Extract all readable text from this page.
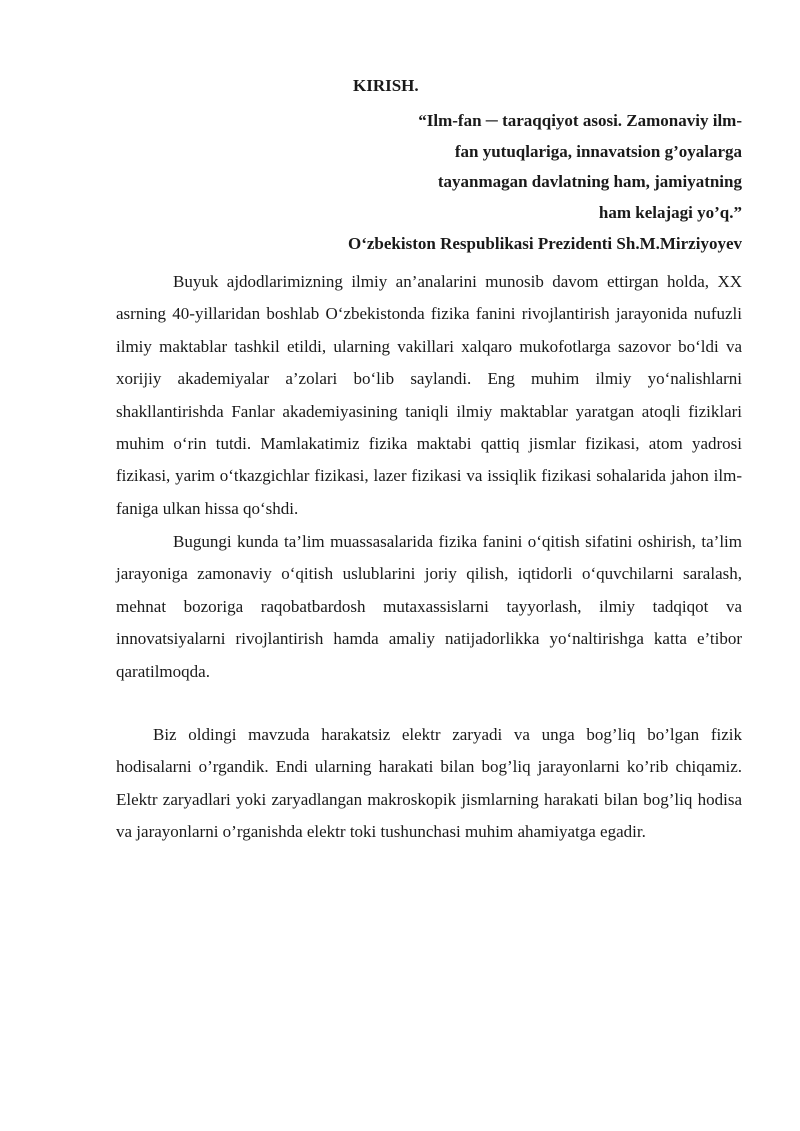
KIRISH.
“Ilm-fan ─ taraqqiyot asosi. Zamonaviy ilm-
fan yutuqlariga, innavatsion g’oyalarga
tayanmagan davlatning ham, jamiyatning
ham kelajagi yo’q.”

O‘zbekiston Respublikasi Prezidenti Sh.M.Mirziyoyev

Buyuk ajdodlarimizning ilmiy an’analarini munosib davom ettirgan holda, XX asrning 40-yillaridan boshlab O‘zbekistonda fizika fanini rivojlantirish jarayonida nufuzli ilmiy maktablar tashkil etildi, ularning vakillari xalqaro mukofotlarga sazovor bo‘ldi va xorijiy akademiyalar a’zolari bo‘lib saylandi. Eng muhim ilmiy yo‘nalishlarni shakllantirishda Fanlar akademiyasining taniqli ilmiy maktablar yaratgan atoqli fiziklari muhim o‘rin tutdi. Mamlakatimiz fizika maktabi qattiq jismlar fizikasi, atom yadrosi fizikasi, yarim o‘tkazgichlar fizikasi, lazer fizikasi va issiqlik fizikasi sohalarida jahon ilm-faniga ulkan hissa qo‘shdi.

Bugungi kunda ta’lim muassasalarida fizika fanini o‘qitish sifatini oshirish, ta’lim jarayoniga zamonaviy o‘qitish uslublarini joriy qilish, iqtidorli o‘quvchilarni saralash, mehnat bozoriga raqobatbardosh mutaxassislarni tayyorlash, ilmiy tadqiqot va innovatsiyalarni rivojlantirish hamda amaliy natijadorlikka yo‘naltirishga katta e’tibor qaratilmoqda.

Biz oldingi mavzuda harakatsiz elektr zaryadi va unga bog’liq bo’lgan fizik hodisalarni o’rgandik. Endi ularning harakati bilan bog’liq jarayonlarni ko’rib chiqamiz. Elektr zaryadlari yoki zaryadlangan makroskopik jismlarning harakati bilan bog’liq hodisa va jarayonlarni o’rganishda elektr toki tushunchasi muhim ahamiyatga egadir.
